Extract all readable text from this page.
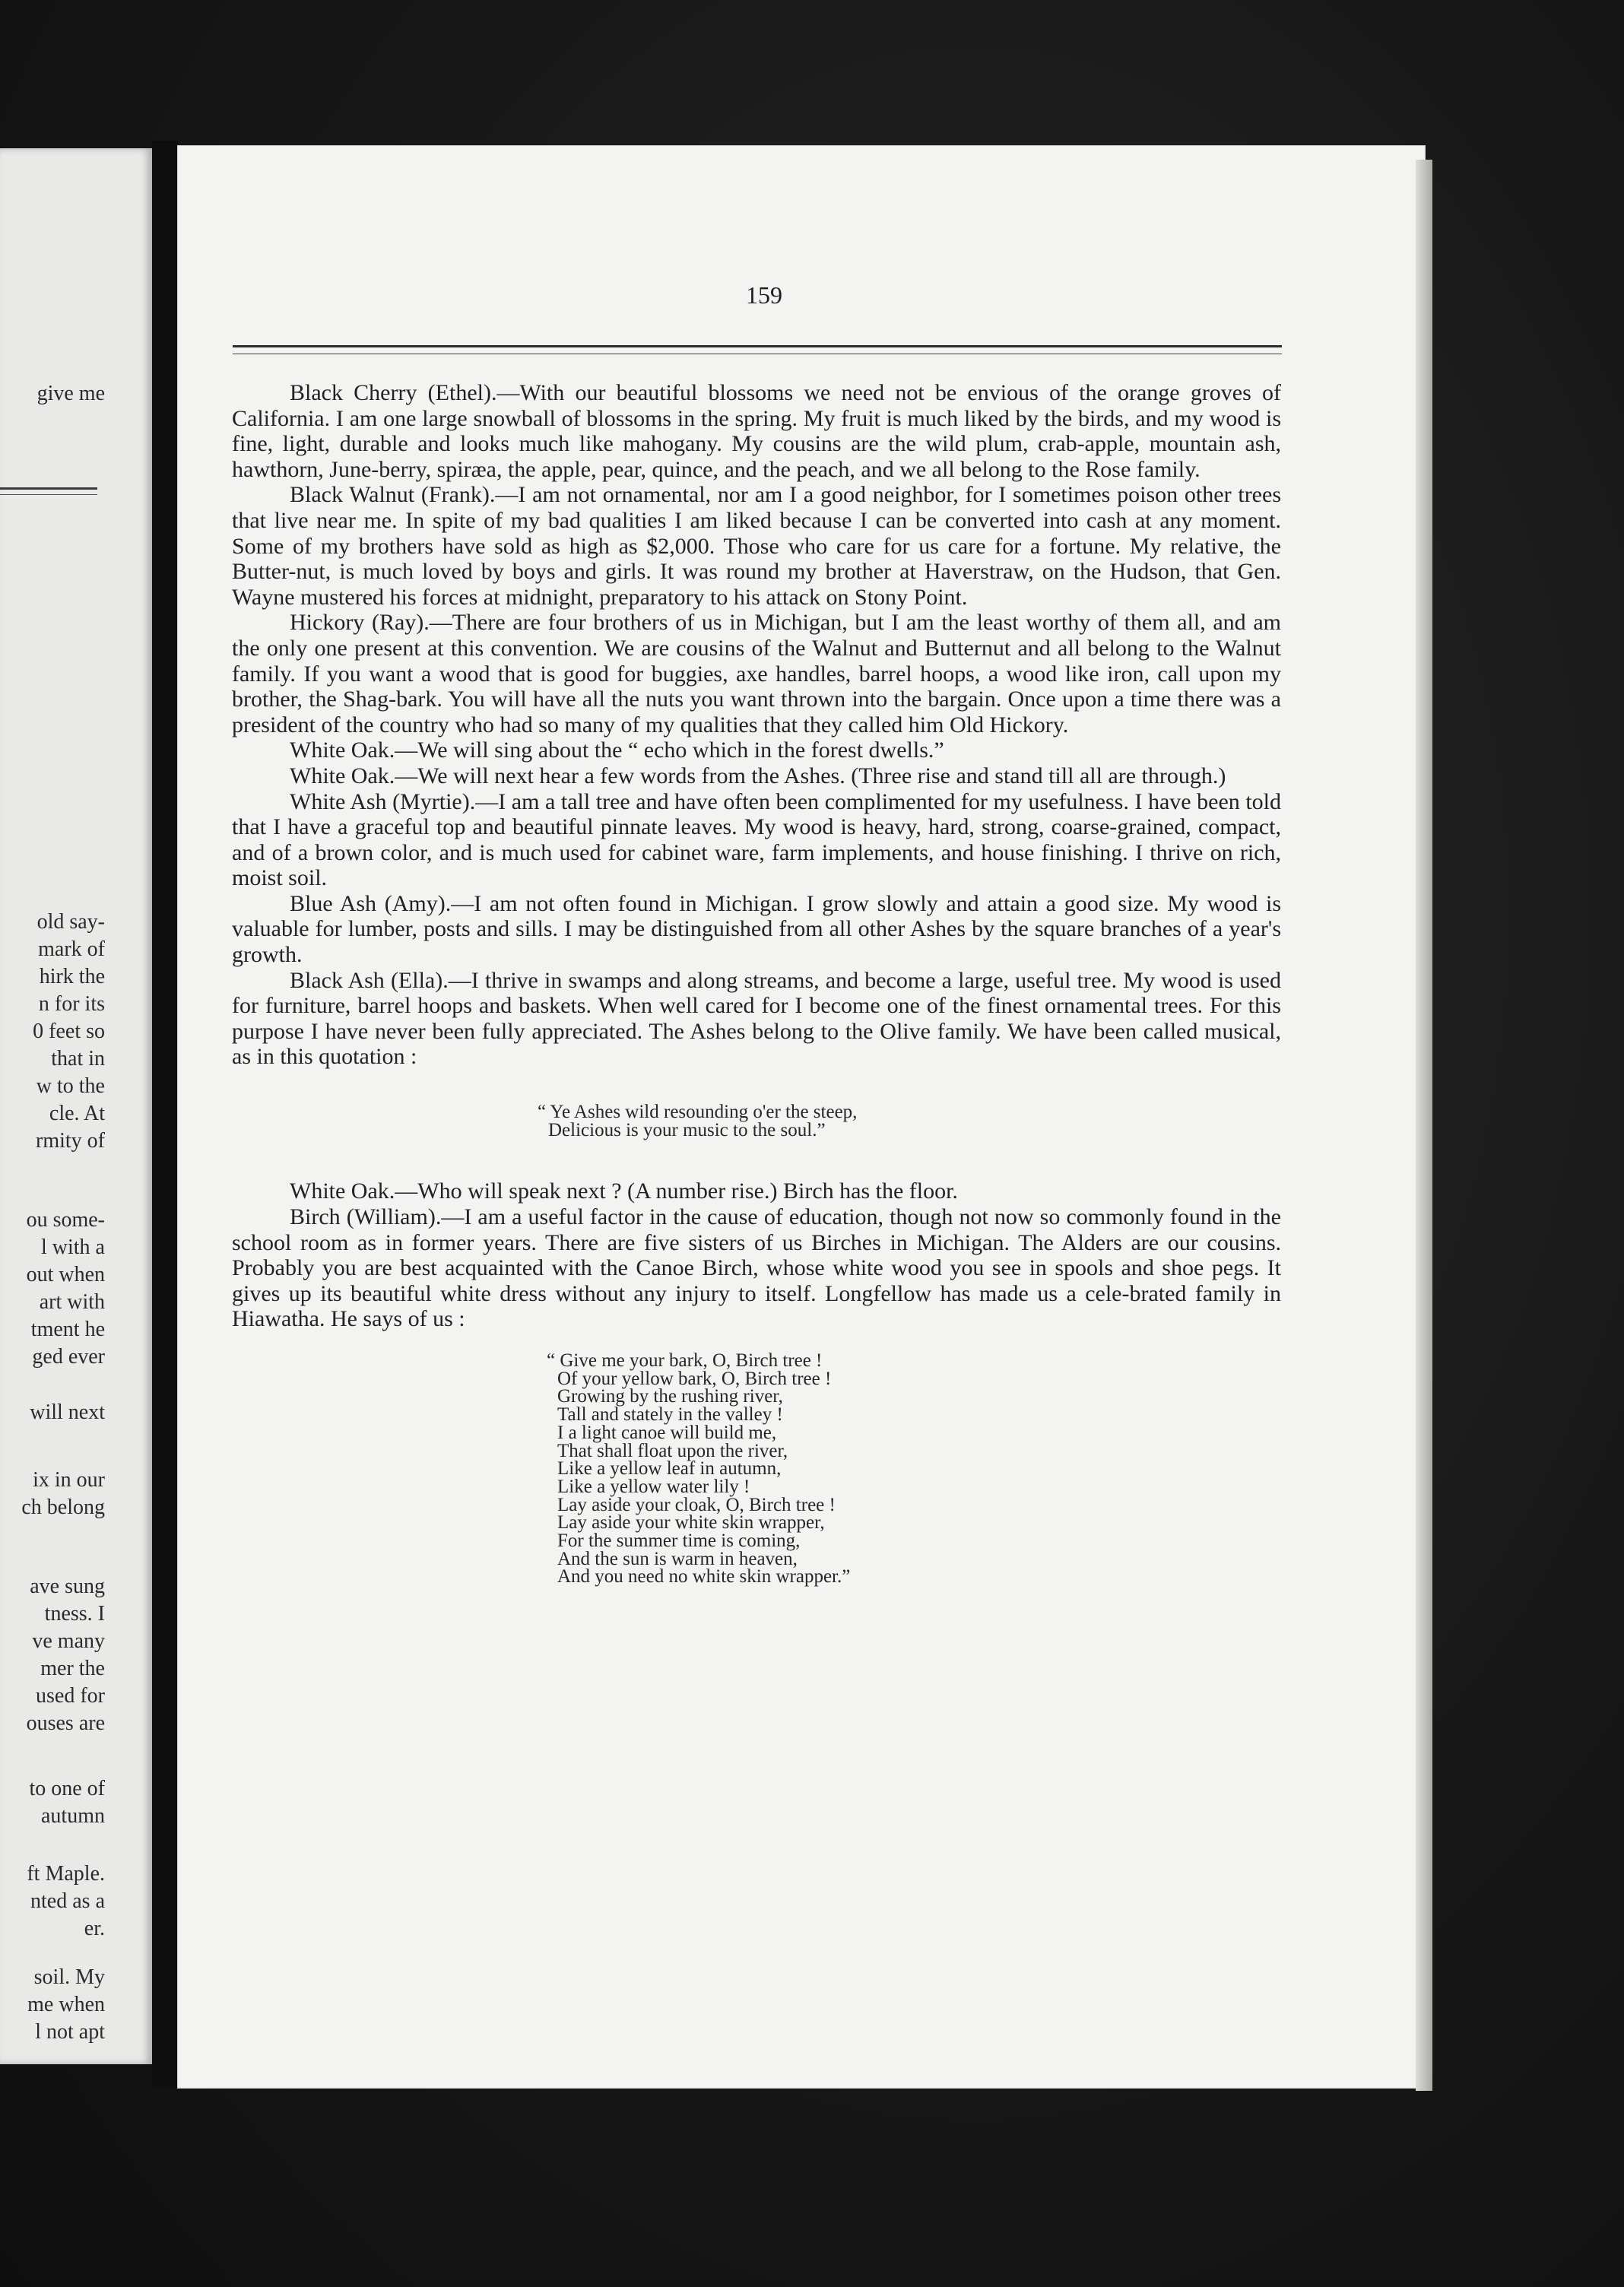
give me
old say-
mark of
hirk the
n for its
0 feet so
that in
w to the
cle. At
rmity of
ou some-
l with a
out when
art with
tment he
ged ever
will next
ix in our
ch belong
ave sung
tness. I
ve many
mer the
used for
ouses are
to one of
autumn
ft Maple.
nted as a
er.
soil. My
me when
l not apt
159

Black Cherry (Ethel).—With our beautiful blossoms we need not be envious of the orange groves of California. I am one large snowball of blossoms in the spring. My fruit is much liked by the birds, and my wood is fine, light, durable and looks much like mahogany. My cousins are the wild plum, crab-apple, mountain ash, hawthorn, June-berry, spiræa, the apple, pear, quince, and the peach, and we all belong to the Rose family.

Black Walnut (Frank).—I am not ornamental, nor am I a good neighbor, for I sometimes poison other trees that live near me. In spite of my bad qualities I am liked because I can be converted into cash at any moment. Some of my brothers have sold as high as $2,000. Those who care for us care for a fortune. My relative, the Butter-nut, is much loved by boys and girls. It was round my brother at Haverstraw, on the Hudson, that Gen. Wayne mustered his forces at midnight, preparatory to his attack on Stony Point.

Hickory (Ray).—There are four brothers of us in Michigan, but I am the least worthy of them all, and am the only one present at this convention. We are cousins of the Walnut and Butternut and all belong to the Walnut family. If you want a wood that is good for buggies, axe handles, barrel hoops, a wood like iron, call upon my brother, the Shag-bark. You will have all the nuts you want thrown into the bargain. Once upon a time there was a president of the country who had so many of my qualities that they called him Old Hickory.

White Oak.—We will sing about the “ echo which in the forest dwells.”

White Oak.—We will next hear a few words from the Ashes. (Three rise and stand till all are through.)

White Ash (Myrtie).—I am a tall tree and have often been complimented for my usefulness. I have been told that I have a graceful top and beautiful pinnate leaves. My wood is heavy, hard, strong, coarse-grained, compact, and of a brown color, and is much used for cabinet ware, farm implements, and house finishing. I thrive on rich, moist soil.

Blue Ash (Amy).—I am not often found in Michigan. I grow slowly and attain a good size. My wood is valuable for lumber, posts and sills. I may be distinguished from all other Ashes by the square branches of a year's growth.

Black Ash (Ella).—I thrive in swamps and along streams, and become a large, useful tree. My wood is used for furniture, barrel hoops and baskets. When well cared for I become one of the finest ornamental trees. For this purpose I have never been fully appreciated. The Ashes belong to the Olive family. We have been called musical, as in this quotation :

“ Ye Ashes wild resounding o'er the steep,
Delicious is your music to the soul.”

White Oak.—Who will speak next ? (A number rise.) Birch has the floor.

Birch (William).—I am a useful factor in the cause of education, though not now so commonly found in the school room as in former years. There are five sisters of us Birches in Michigan. The Alders are our cousins. Probably you are best acquainted with the Canoe Birch, whose white wood you see in spools and shoe pegs. It gives up its beautiful white dress without any injury to itself. Longfellow has made us a cele-brated family in Hiawatha. He says of us :

“ Give me your bark, O, Birch tree !
Of your yellow bark, O, Birch tree !
Growing by the rushing river,
Tall and stately in the valley !
I a light canoe will build me,
That shall float upon the river,
Like a yellow leaf in autumn,
Like a yellow water lily !
Lay aside your cloak, O, Birch tree !
Lay aside your white skin wrapper,
For the summer time is coming,
And the sun is warm in heaven,
And you need no white skin wrapper.”
